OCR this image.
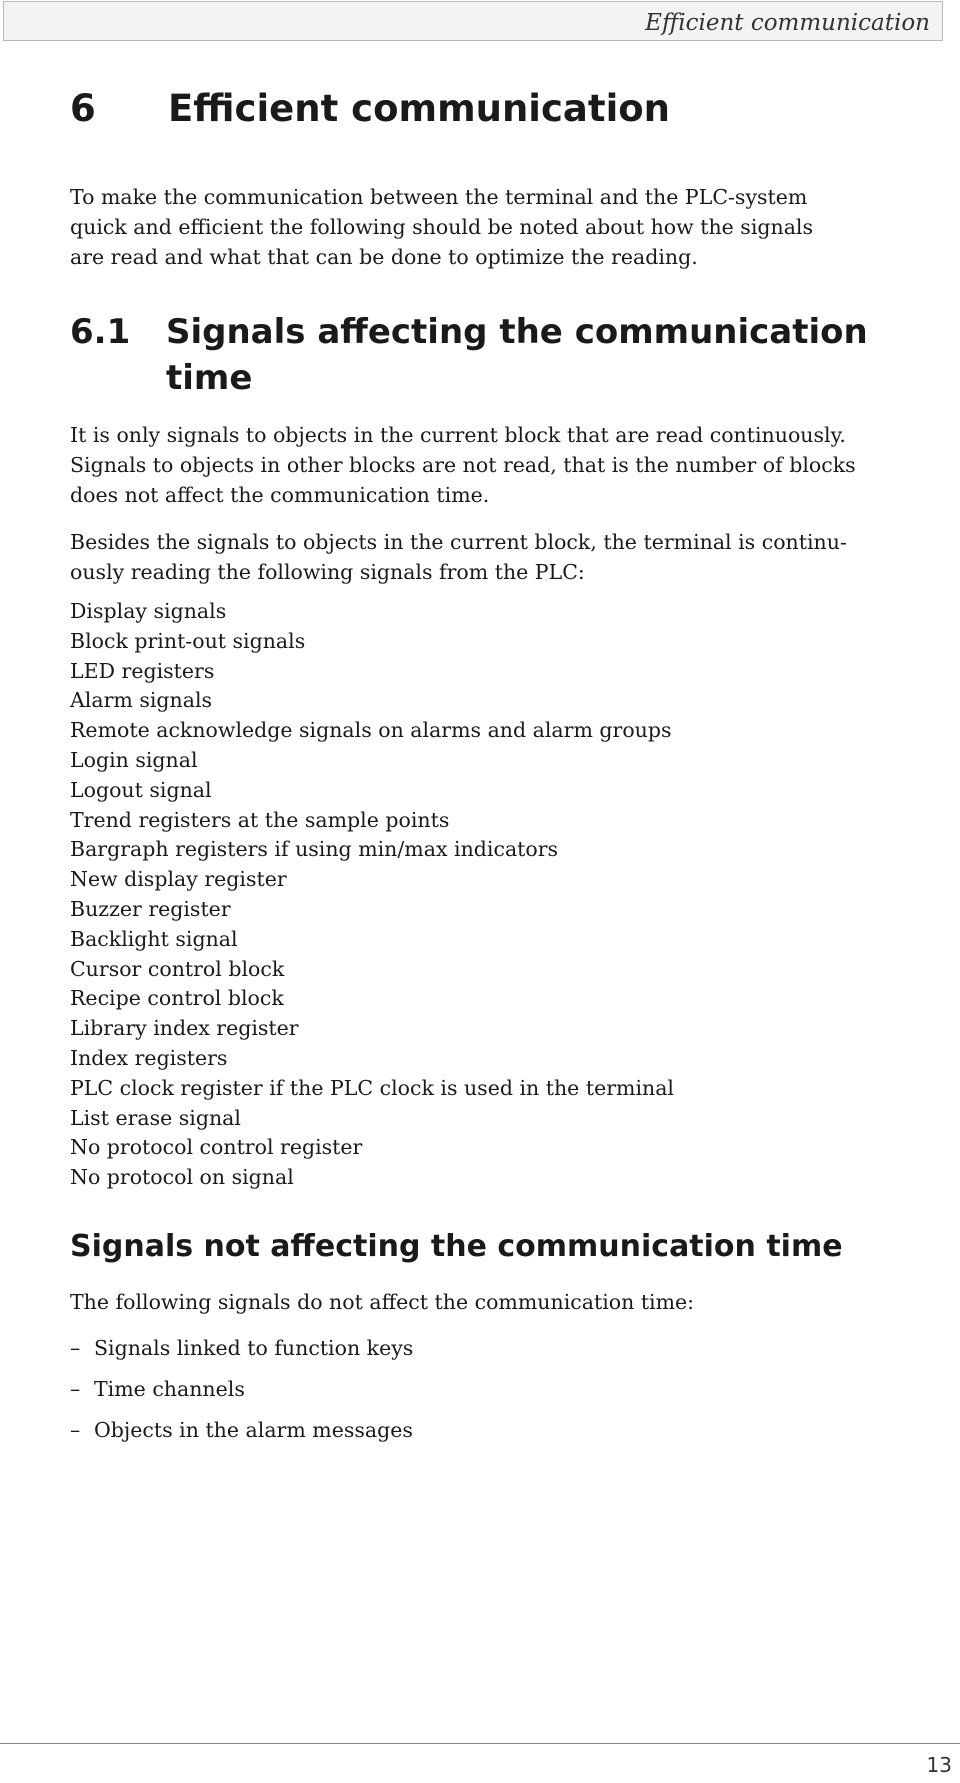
Efficient communication
6 Efficient communication

To make the communication between the terminal and the PLC-system
quick and efficient the following should be noted about how the signals
are read and what that can be done to optimize the reading.

6.1	Signals affecting the communication time

It is only signals to objects in the current block that are read continuously.
Signals to objects in other blocks are not read, that is the number of blocks
does not affect the communication time.

Besides the signals to objects in the current block, the terminal is continu-
ously reading the following signals from the PLC:

Display signals
Block print-out signals
LED registers
Alarm signals
Remote acknowledge signals on alarms and alarm groups
Login signal
Logout signal
Trend registers at the sample points
Bargraph registers if using min/max indicators
New display register
Buzzer register
Backlight signal
Cursor control block
Recipe control block
Library index register
Index registers
PLC clock register if the PLC clock is used in the terminal
List erase signal
No protocol control register
No protocol on signal
Signals not affecting the communication time

The following signals do not affect the communication time:

– Signals linked to function keys
– Time channels
– Objects in the alarm messages
13
